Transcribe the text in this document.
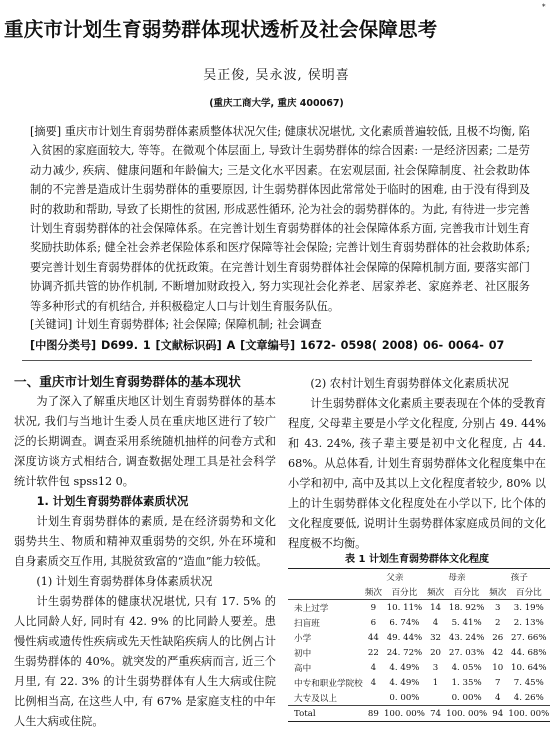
重庆市计划生育弱势群体现状透析及社会保障思考
*
吴正俊, 吴永波, 侯明喜
(重庆工商大学, 重庆 400067)
[摘要] 重庆市计划生育弱势群体素质整体状况欠佳; 健康状况堪忧, 文化素质普遍较低, 且极不均衡, 陷入贫困的家庭面较大, 等等。在微观个体层面上, 导致计生弱势群体的综合因素: 一是经济因素; 二是劳动力减少, 疾病、健康问题和年龄偏大; 三是文化水平因素。在宏观层面, 社会保障制度、社会救助体制的不完善是造成计生弱势群体的重要原因, 计生弱势群体因此常常处于临时的困难, 由于没有得到及时的救助和帮助, 导致了长期性的贫困, 形成恶性循环, 沦为社会的弱势群体的。为此, 有待进一步完善计划生育弱势群体的社会保障体系。在完善计划生育弱势群体的社会保障体系方面, 完善我市计划生育奖励扶助体系; 健全社会养老保险体系和医疗保障等社会保险; 完善计划生育弱势群体的社会救助体系; 要完善计划生育弱势群体的优抚政策。在完善计划生育弱势群体社会保障的保障机制方面, 要落实部门协调齐抓共管的协作机制, 不断增加财政投入, 努力实现社会化养老、居家养老、家庭养老、社区服务等多种形式的有机结合, 并积极稳定人口与计划生育服务队伍。
[关键词] 计划生育弱势群体; 社会保障; 保障机制; 社会调查
[中图分类号] D699. 1 [文献标识码] A [文章编号] 1672- 0598( 2008) 06- 0064- 07
一、重庆市计划生育弱势群体的基本现状

为了深入了解重庆地区计划生育弱势群体的基本状况, 我们与当地计生委人员在重庆地区进行了较广泛的长期调查。调查采用系统随机抽样的问卷方式和深度访谈方式相结合, 调查数据处理工具是社会科学统计软件包 spss12 0。

1. 计划生育弱势群体素质状况

计划生育弱势群体的素质, 是在经济弱势和文化弱势共生、物质和精神双重弱势的交织, 外在环境和自身素质交互作用, 其脱贫致富的“造血”能力较低。

(1) 计划生育弱势群体身体素质状况

计生弱势群体的健康状况堪忧, 只有 17. 5% 的人比同龄人好, 同时有 42. 9% 的比同龄人要差。患慢性病或遗传性疾病或先天性缺陷疾病人的比例占计生弱势群体的 40%。就突发的严重疾病而言, 近三个月里, 有 22. 3% 的计生弱势群体有人生大病或住院比例相当高, 在这些人中, 有 67% 是家庭支柱的中年人生大病或住院。

(2) 农村计划生育弱势群体文化素质状况

计生弱势群体文化素质主要表现在个体的受教育程度, 父母辈主要是小学文化程度, 分别占 49. 44% 和 43. 24%, 孩子辈主要是初中文化程度, 占 44. 68%。从总体看, 计划生育弱势群体文化程度集中在小学和初中, 高中及其以上文化程度者较少, 80% 以上的计生弱势群体文化程度处在小学以下, 比个体的文化程度要低, 说明计生弱势群体家庭成员间的文化程度极不均衡。

表 1 计划生育弱势群体文化程度
	父亲		母亲		孩子	
	频次	百分比	频次	百分比	频次	百分比
未上过学	9	10. 11%	14	18. 92%	3	3. 19%
扫盲班	6	6. 74%	4	5. 41%	2	2. 13%
小学	44	49. 44%	32	43. 24%	26	27. 66%
初中	22	24. 72%	20	27. 03%	42	44. 68%
高中	4	4. 49%	3	4. 05%	10	10. 64%
中专和职业学院校	4	4. 49%	1	1. 35%	7	7. 45%
大专及以上		0. 00%		0. 00%	4	4. 26%
Total	89	100. 00%	74	100. 00%	94	100. 00%
